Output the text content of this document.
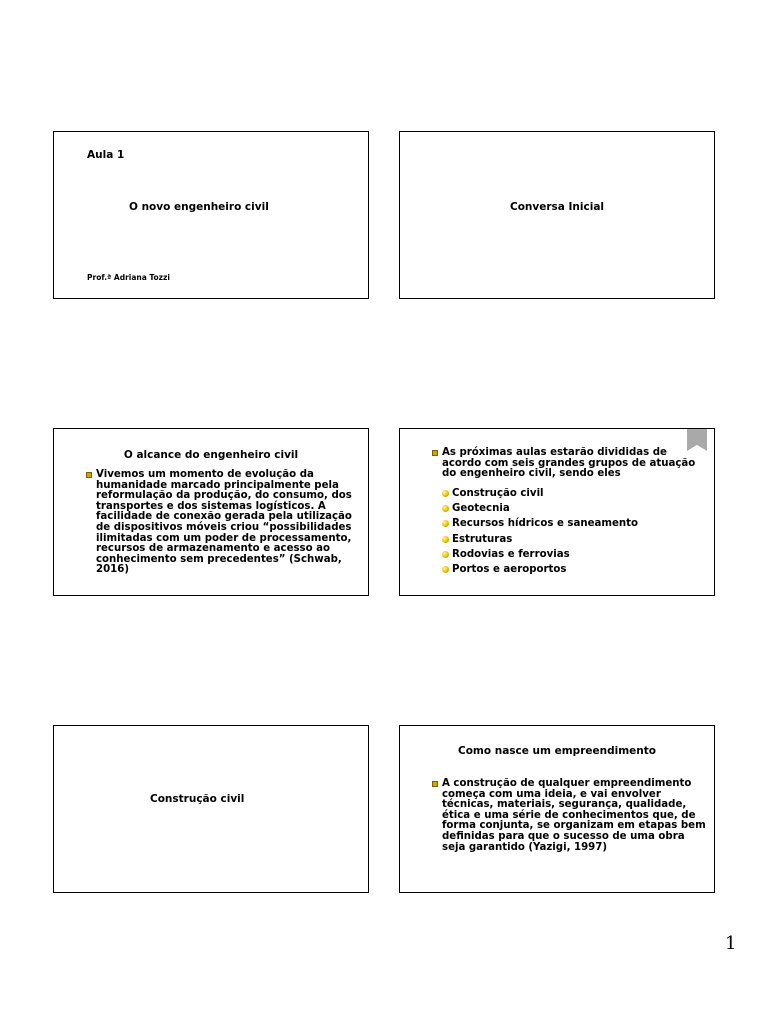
Aula 1
O novo engenheiro civil
Prof.ª Adriana Tozzi
Conversa Inicial
O alcance do engenheiro civil
Vivemos um momento de evolução da
humanidade marcado principalmente pela
reformulação da produção, do consumo, dos
transportes e dos sistemas logísticos. A
facilidade de conexão gerada pela utilização
de dispositivos móveis criou “possibilidades
ilimitadas com um poder de processamento,
recursos de armazenamento e acesso ao
conhecimento sem precedentes” (Schwab,
2016)
As próximas aulas estarão divididas de
acordo com seis grandes grupos de atuação
do engenheiro civil, sendo eles
Construção civil
Geotecnia
Recursos hídricos e saneamento
Estruturas
Rodovias e ferrovias
Portos e aeroportos
Construção civil
Como nasce um empreendimento
A construção de qualquer empreendimento
começa com uma ideia, e vai envolver
técnicas, materiais, segurança, qualidade,
ética e uma série de conhecimentos que, de
forma conjunta, se organizam em etapas bem
definidas para que o sucesso de uma obra
seja garantido (Yazigi, 1997)
1
